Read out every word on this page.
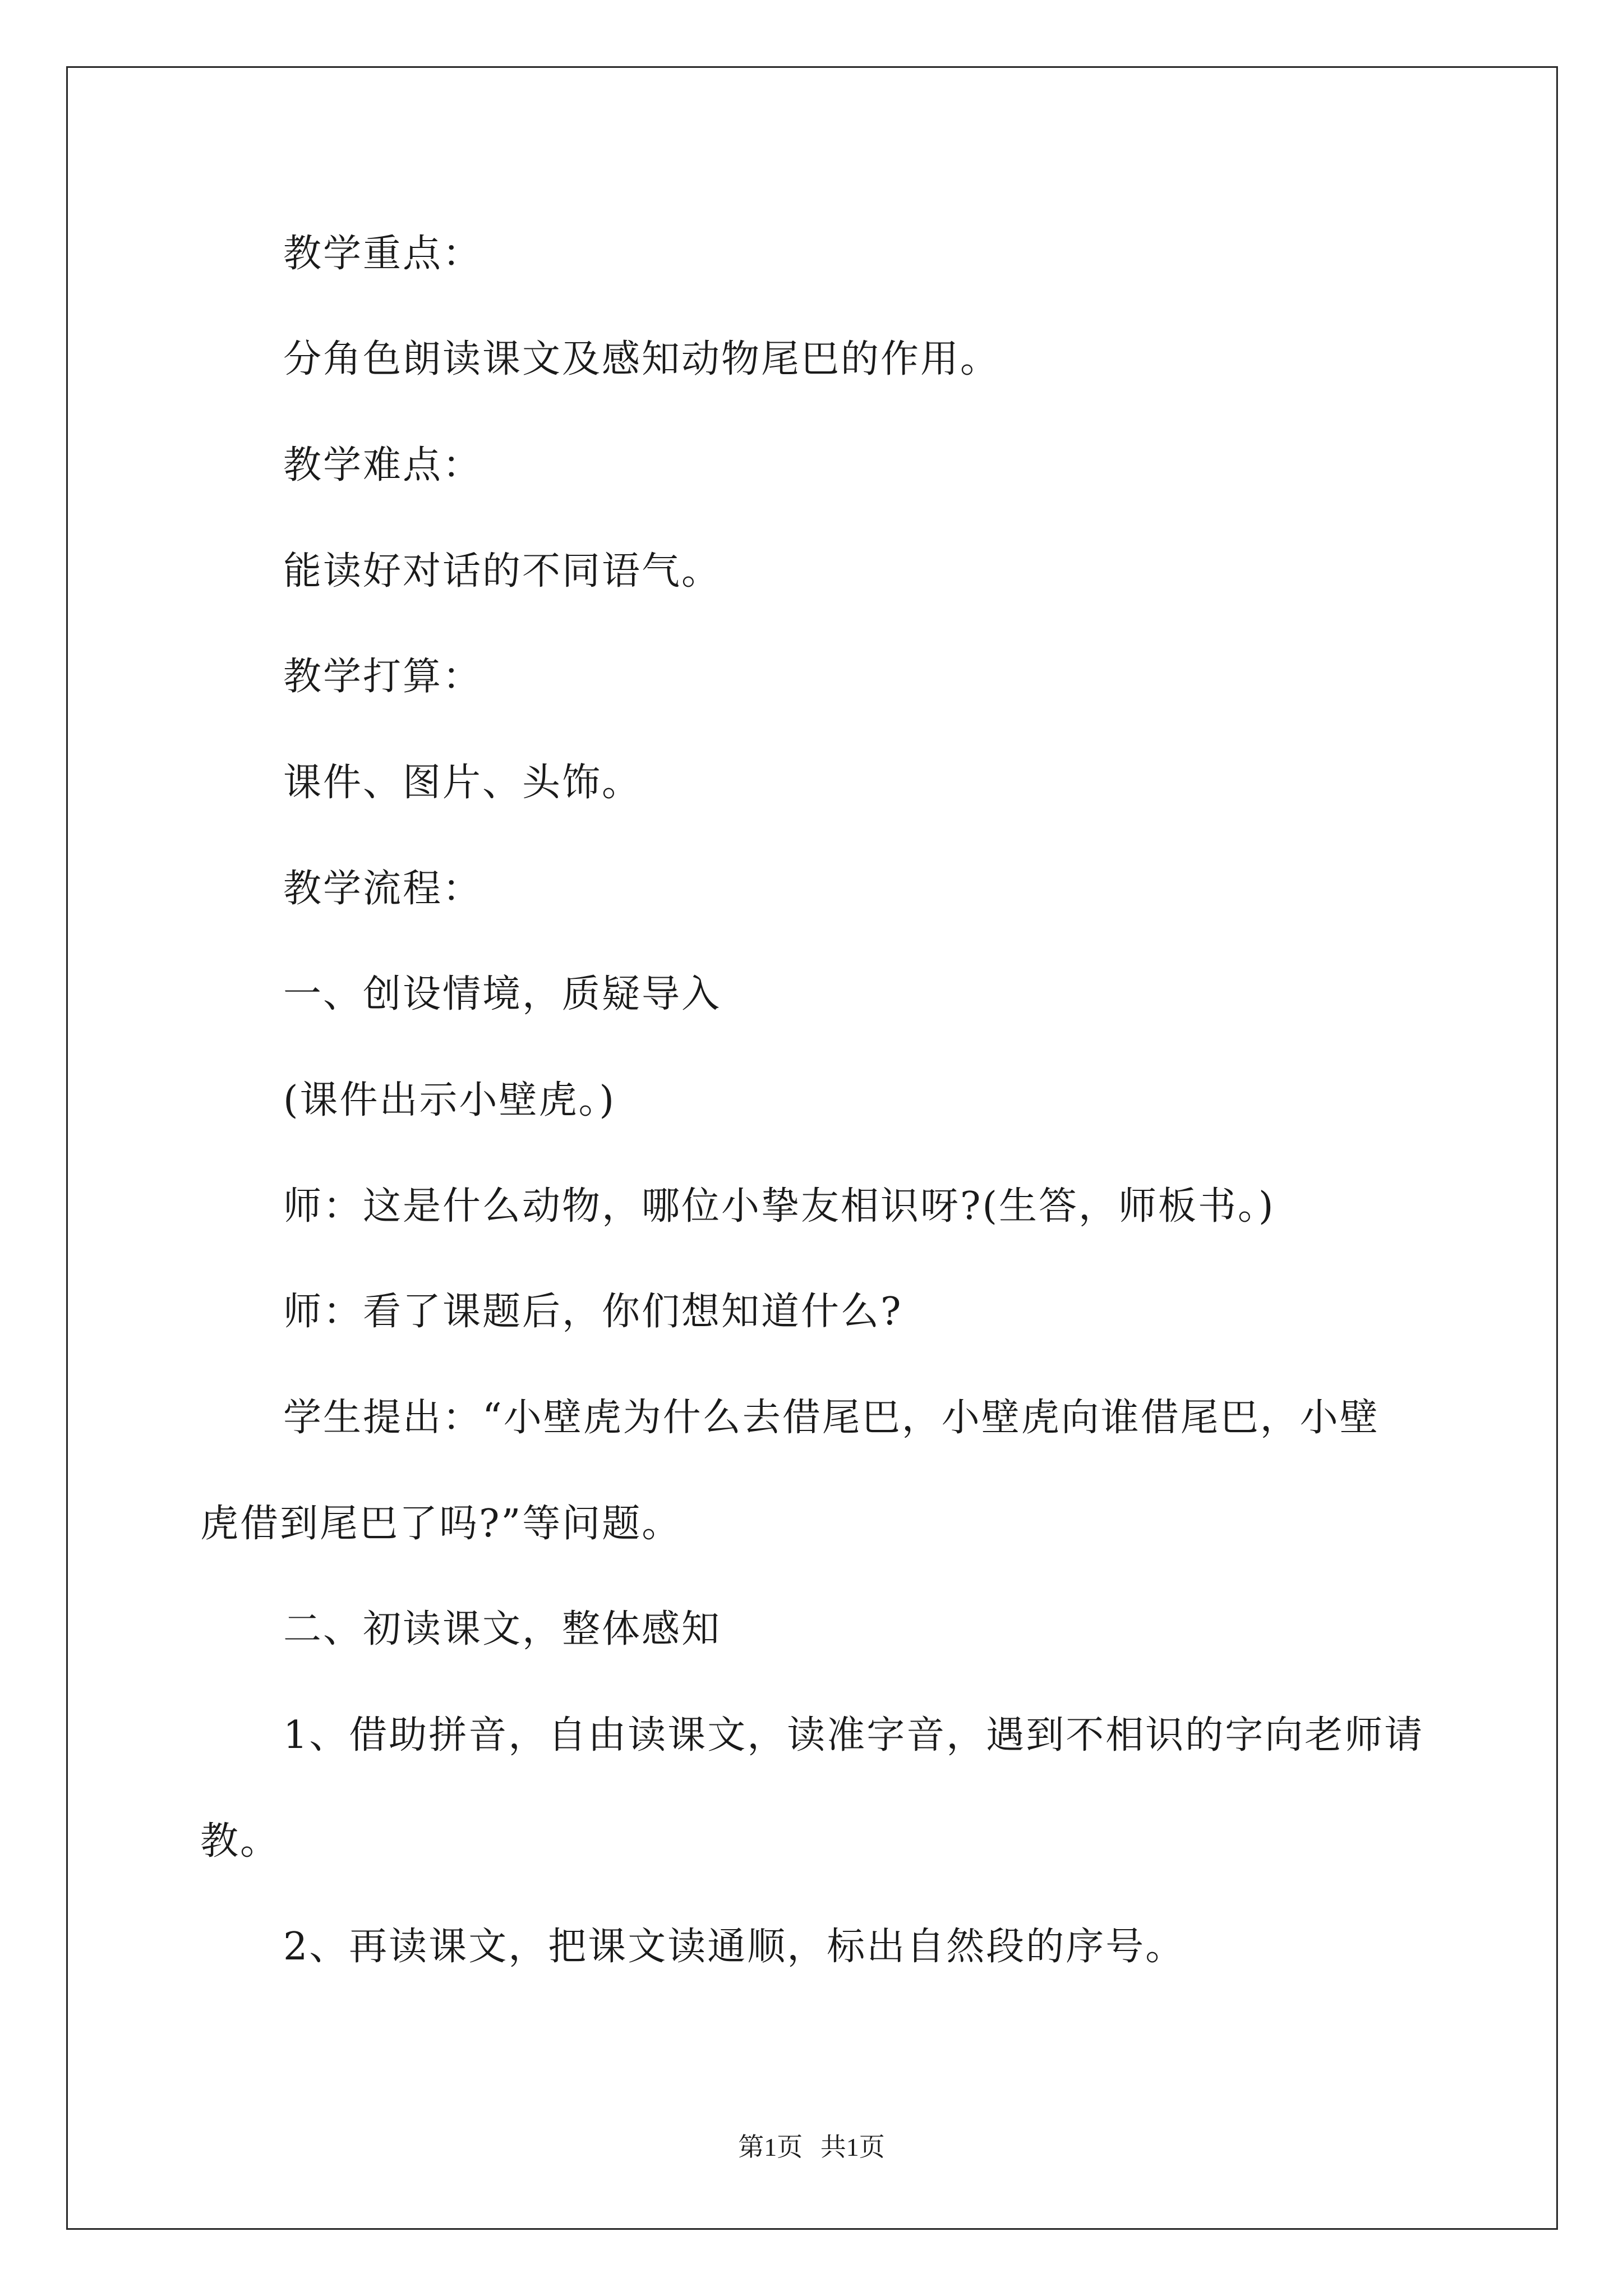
教学重点：
分角色朗读课文及感知动物尾巴的作用。
教学难点：
能读好对话的不同语气。
教学打算：
课件、图片、头饰。
教学流程：
一、创设情境，质疑导入
(课件出示小壁虎。)
师：这是什么动物，哪位小挚友相识呀?(生答，师板书。)
师：看了课题后，你们想知道什么?
学生提出：“小壁虎为什么去借尾巴，小壁虎向谁借尾巴，小壁
虎借到尾巴了吗?”等问题。
二、初读课文，整体感知
1、借助拼音，自由读课文，读准字音，遇到不相识的字向老师请
教。
2、再读课文，把课文读通顺，标出自然段的序号。
第1页 共1页
